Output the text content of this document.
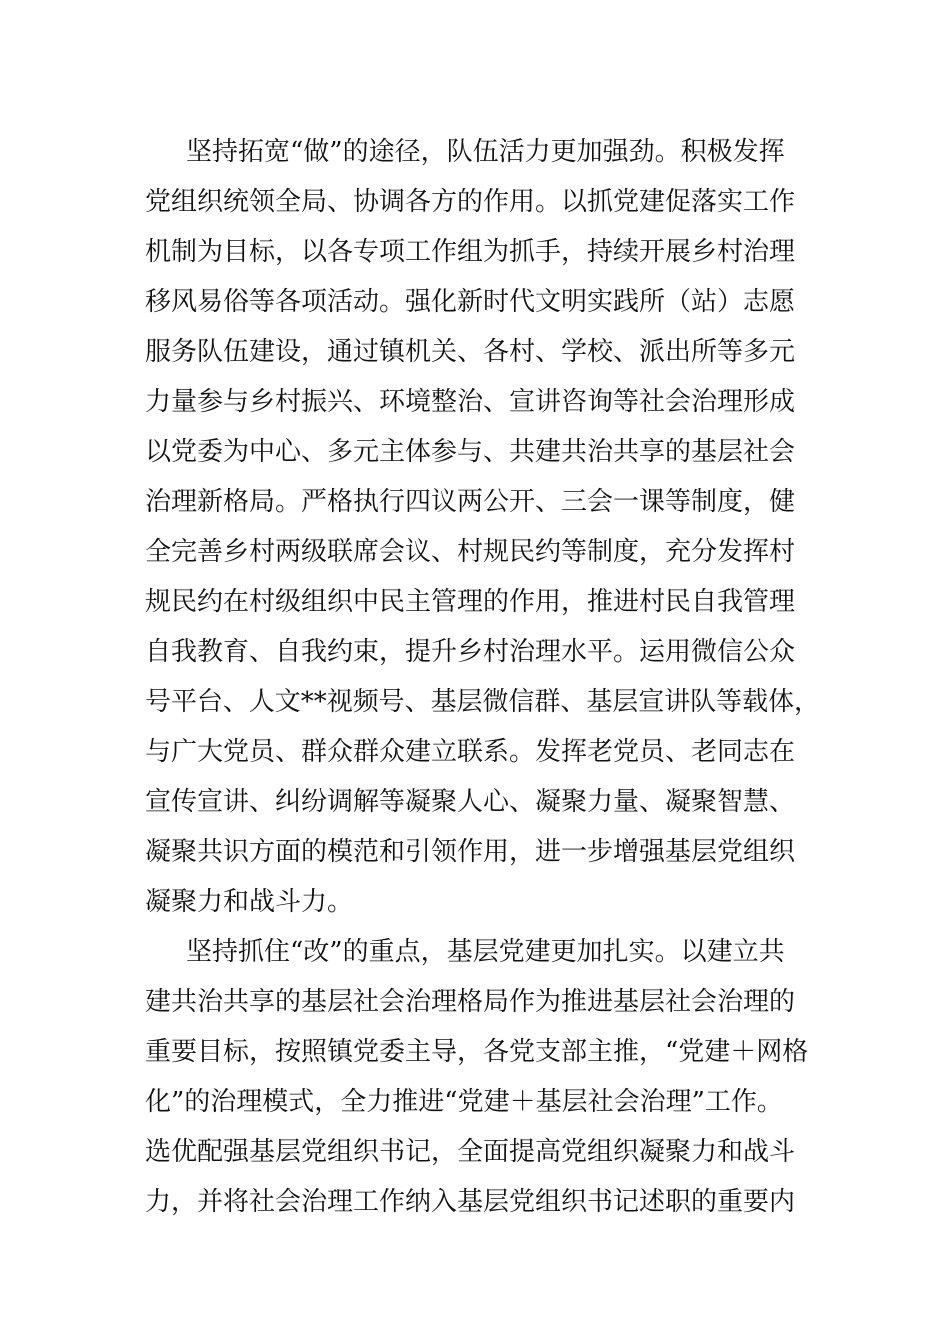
坚持拓宽“做”的途径，队伍活力更加强劲。积极发挥
党组织统领全局、协调各方的作用。以抓党建促落实工作
机制为目标，以各专项工作组为抓手，持续开展乡村治理
移风易俗等各项活动。强化新时代文明实践所（站）志愿
服务队伍建设，通过镇机关、各村、学校、派出所等多元
力量参与乡村振兴、环境整治、宣讲咨询等社会治理形成
以党委为中心、多元主体参与、共建共治共享的基层社会
治理新格局。严格执行四议两公开、三会一课等制度，健
全完善乡村两级联席会议、村规民约等制度，充分发挥村
规民约在村级组织中民主管理的作用，推进村民自我管理
自我教育、自我约束，提升乡村治理水平。运用微信公众
号平台、人文**视频号、基层微信群、基层宣讲队等载体，
与广大党员、群众群众建立联系。发挥老党员、老同志在
宣传宣讲、纠纷调解等凝聚人心、凝聚力量、凝聚智慧、
凝聚共识方面的模范和引领作用，进一步增强基层党组织
凝聚力和战斗力。
坚持抓住“改”的重点，基层党建更加扎实。以建立共
建共治共享的基层社会治理格局作为推进基层社会治理的
重要目标，按照镇党委主导，各党支部主推，“党建＋网格
化”的治理模式，全力推进“党建＋基层社会治理”工作。
选优配强基层党组织书记，全面提高党组织凝聚力和战斗
力，并将社会治理工作纳入基层党组织书记述职的重要内
